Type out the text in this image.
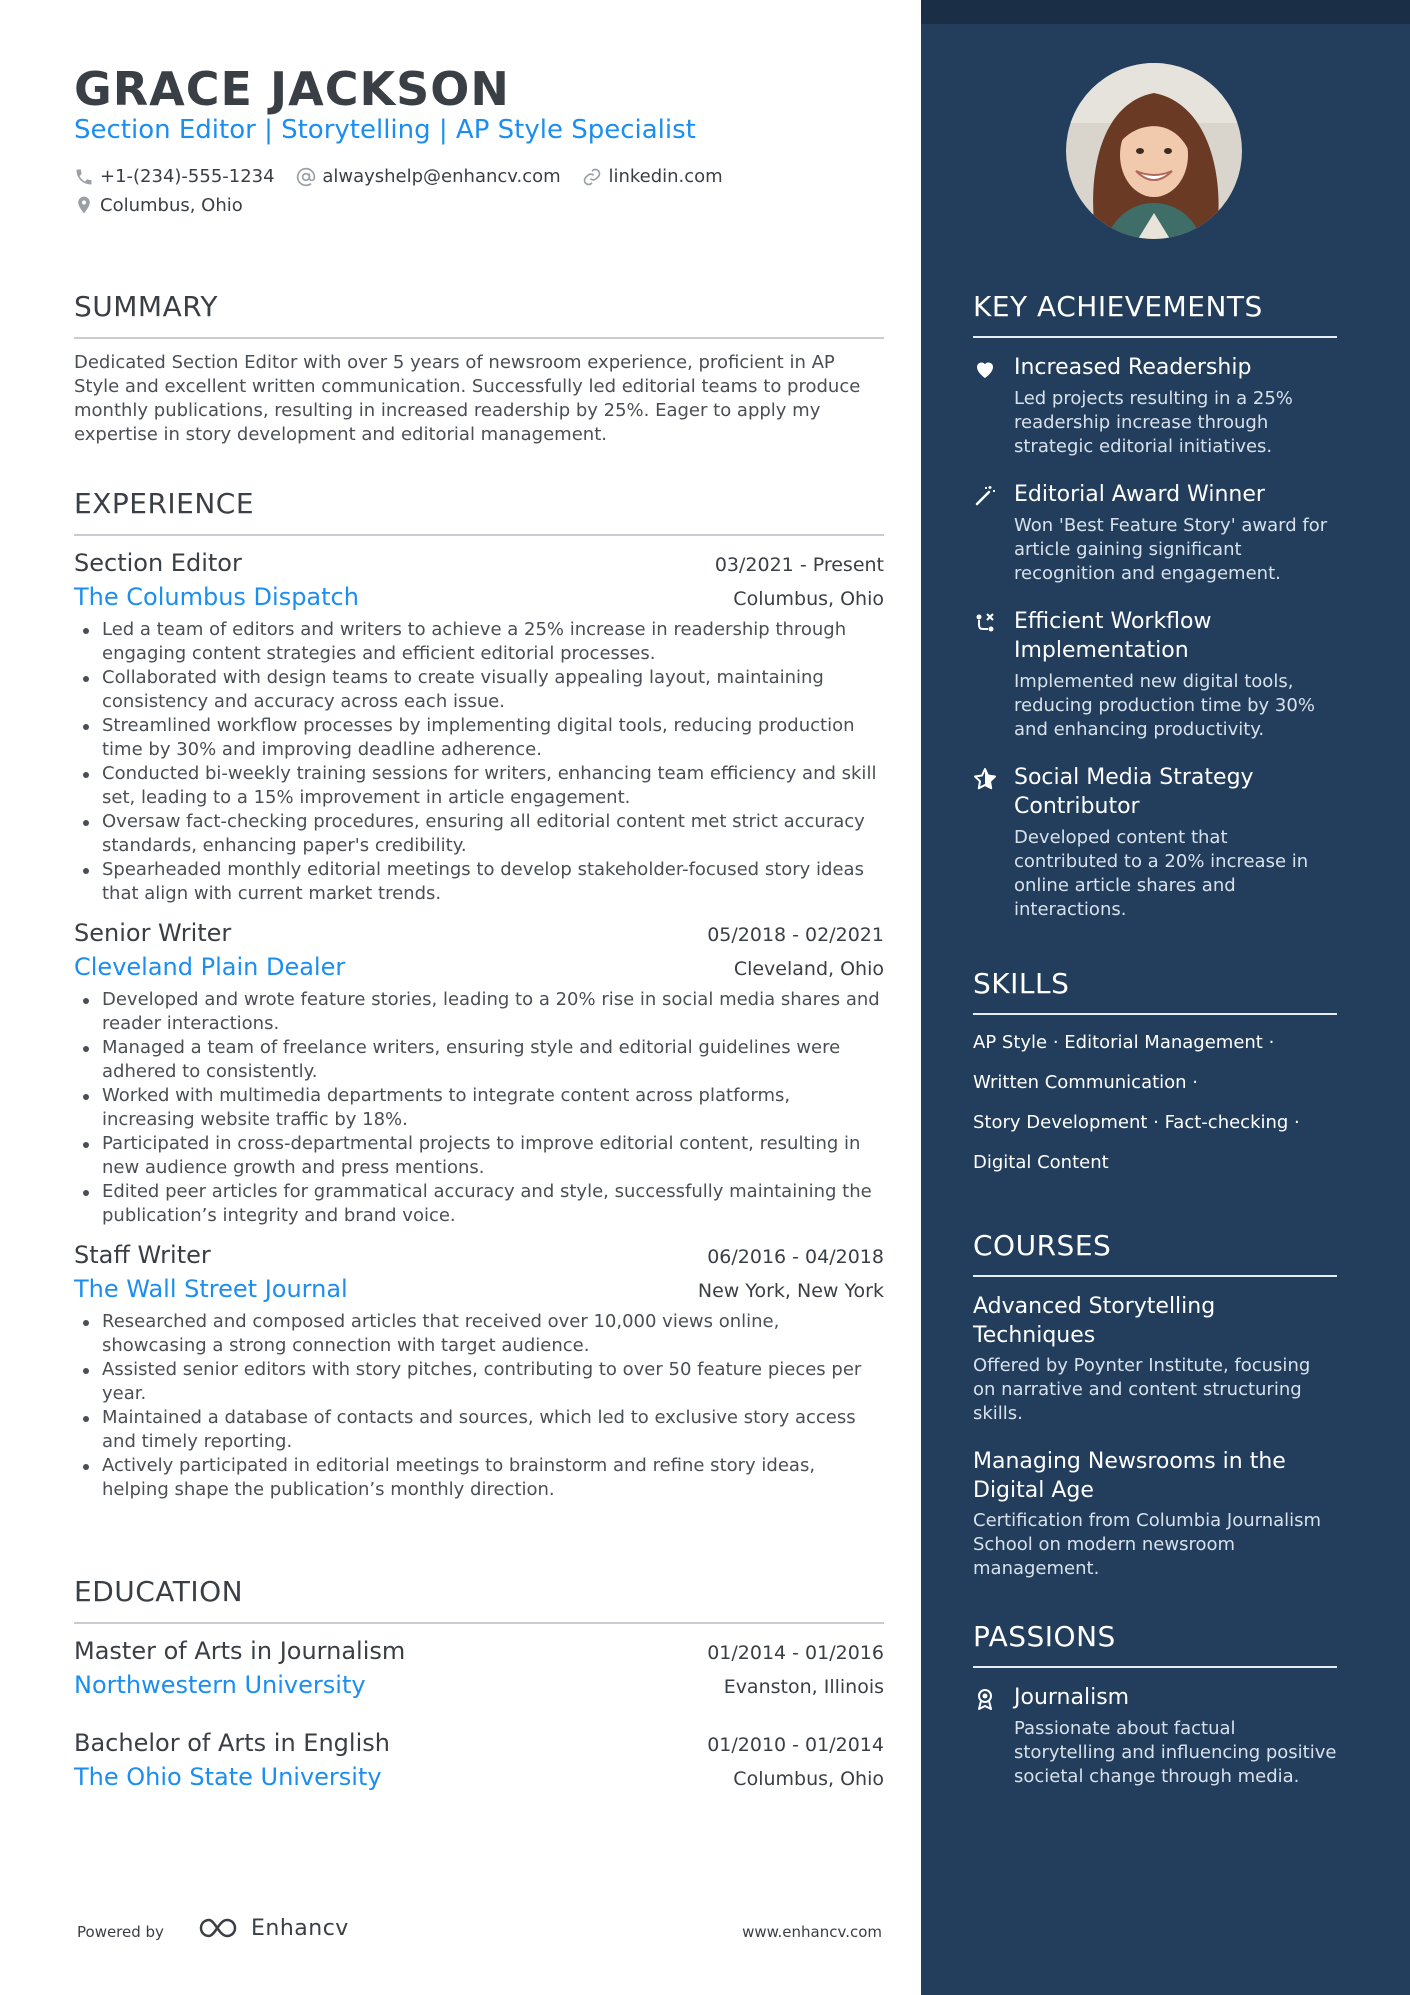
GRACE JACKSON
Section Editor | Storytelling | AP Style Specialist
+1-(234)-555-1234
	alwayshelp@enhancv.com
	linkedin.com

Columbus, Ohio
SUMMARY
Dedicated Section Editor with over 5 years of newsroom experience, proficient in AP Style and excellent written communication. Successfully led editorial teams to produce monthly publications, resulting in increased readership by 25%. Eager to apply my expertise in story development and editorial management.
EXPERIENCE
Section Editor	03/2021 - Present
The Columbus Dispatch	Columbus, Ohio
Led a team of editors and writers to achieve a 25% increase in readership through engaging content strategies and efficient editorial processes.
Collaborated with design teams to create visually appealing layout, maintaining consistency and accuracy across each issue.
Streamlined workflow processes by implementing digital tools, reducing production time by 30% and improving deadline adherence.
Conducted bi-weekly training sessions for writers, enhancing team efficiency and skill set, leading to a 15% improvement in article engagement.
Oversaw fact-checking procedures, ensuring all editorial content met strict accuracy standards, enhancing paper's credibility.
Spearheaded monthly editorial meetings to develop stakeholder-focused story ideas that align with current market trends.
Senior Writer	05/2018 - 02/2021
Cleveland Plain Dealer	Cleveland, Ohio
Developed and wrote feature stories, leading to a 20% rise in social media shares and reader interactions.
Managed a team of freelance writers, ensuring style and editorial guidelines were adhered to consistently.
Worked with multimedia departments to integrate content across platforms, increasing website traffic by 18%.
Participated in cross-departmental projects to improve editorial content, resulting in new audience growth and press mentions.
Edited peer articles for grammatical accuracy and style, successfully maintaining the publication’s integrity and brand voice.
Staff Writer	06/2016 - 04/2018
The Wall Street Journal	New York, New York
Researched and composed articles that received over 10,000 views online, showcasing a strong connection with target audience.
Assisted senior editors with story pitches, contributing to over 50 feature pieces per year.
Maintained a database of contacts and sources, which led to exclusive story access and timely reporting.
Actively participated in editorial meetings to brainstorm and refine story ideas, helping shape the publication’s monthly direction.
EDUCATION
Master of Arts in Journalism	01/2014 - 01/2016
Northwestern University	Evanston, Illinois
Bachelor of Arts in English	01/2010 - 01/2014
The Ohio State University	Columbus, Ohio
Powered by	Enhancv	www.enhancv.com
KEY ACHIEVEMENTS
Increased Readership
Led projects resulting in a 25% readership increase through strategic editorial initiatives.
Editorial Award Winner
Won 'Best Feature Story' award for article gaining significant recognition and engagement.
Efficient Workflow Implementation
Implemented new digital tools, reducing production time by 30% and enhancing productivity.
Social Media Strategy Contributor
Developed content that contributed to a 20% increase in online article shares and interactions.
SKILLS
AP Style · Editorial Management ·
Written Communication ·
Story Development · Fact-checking ·
Digital Content
COURSES
Advanced Storytelling Techniques
Offered by Poynter Institute, focusing on narrative and content structuring skills.
Managing Newsrooms in the Digital Age
Certification from Columbia Journalism School on modern newsroom management.
PASSIONS
Journalism
Passionate about factual storytelling and influencing positive societal change through media.
